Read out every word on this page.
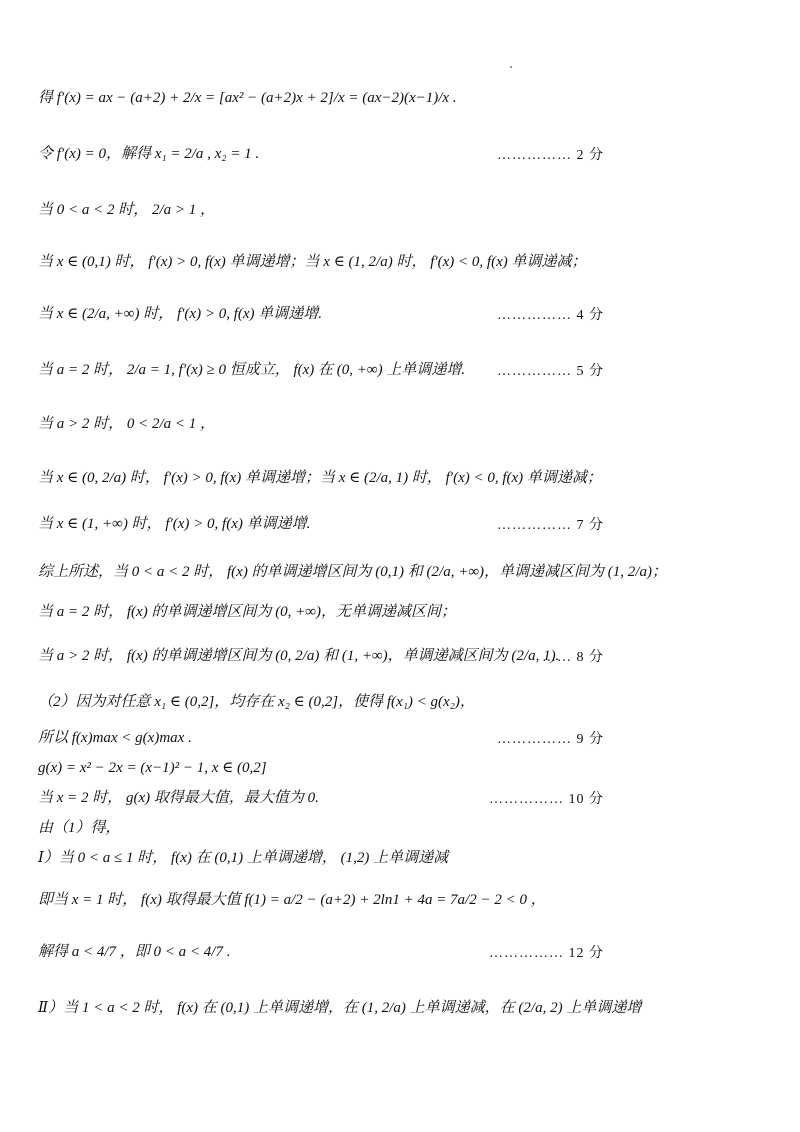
得 f′(x) = ax − (a+2) + 2/x = [ax² − (a+2)x + 2]/x = (ax−2)(x−1)/x .
令 f′(x) = 0，解得 x₁ = 2/a , x₂ = 1 .	…………… 2 分
当 0 < a < 2 时， 2/a > 1 ，
当 x ∈ (0,1) 时， f′(x) > 0, f(x) 单调递增；当 x ∈ (1, 2/a) 时， f′(x) < 0, f(x) 单调递减；
当 x ∈ (2/a, +∞) 时， f′(x) > 0, f(x) 单调递增.	…………… 4 分
当 a = 2 时， 2/a = 1, f′(x) ≥ 0 恒成立， f(x) 在 (0, +∞) 上单调递增. …………… 5 分
当 a > 2 时， 0 < 2/a < 1 ，
当 x ∈ (0, 2/a) 时， f′(x) > 0, f(x) 单调递增；当 x ∈ (2/a, 1) 时， f′(x) < 0, f(x) 单调递减；
当 x ∈ (1, +∞) 时， f′(x) > 0, f(x) 单调递增.	…………… 7 分
综上所述，当 0 < a < 2 时， f(x) 的单调递增区间为 (0,1) 和 (2/a, +∞)，单调递减区间为 (1, 2/a)；
当 a = 2 时， f(x) 的单调递增区间为 (0, +∞)，无单调递减区间；
当 a > 2 时， f(x) 的单调递增区间为 (0, 2/a) 和 (1, +∞)，单调递减区间为 (2/a, 1).
…… 8 分
（2）因为对任意 x₁ ∈ (0,2]，均存在 x₂ ∈ (0,2]，使得 f(x₁) < g(x₂)，
所以 f(x)max < g(x)max .	…………… 9 分
g(x) = x² − 2x = (x−1)² − 1, x ∈ (0,2]
当 x = 2 时， g(x) 取得最大值，最大值为 0.	…………… 10 分
由（1）得，
Ⅰ）当 0 < a ≤ 1 时， f(x) 在 (0,1) 上单调递增， (1,2) 上单调递减
即当 x = 1 时， f(x) 取得最大值 f(1) = a/2 − (a+2) + 2ln1 + 4a = 7a/2 − 2 < 0 ，
解得 a < 4/7 ，即 0 < a < 4/7 .	…………… 12 分
Ⅱ）当 1 < a < 2 时， f(x) 在 (0,1) 上单调递增，在 (1, 2/a) 上单调递减，在 (2/a, 2) 上单调递增
